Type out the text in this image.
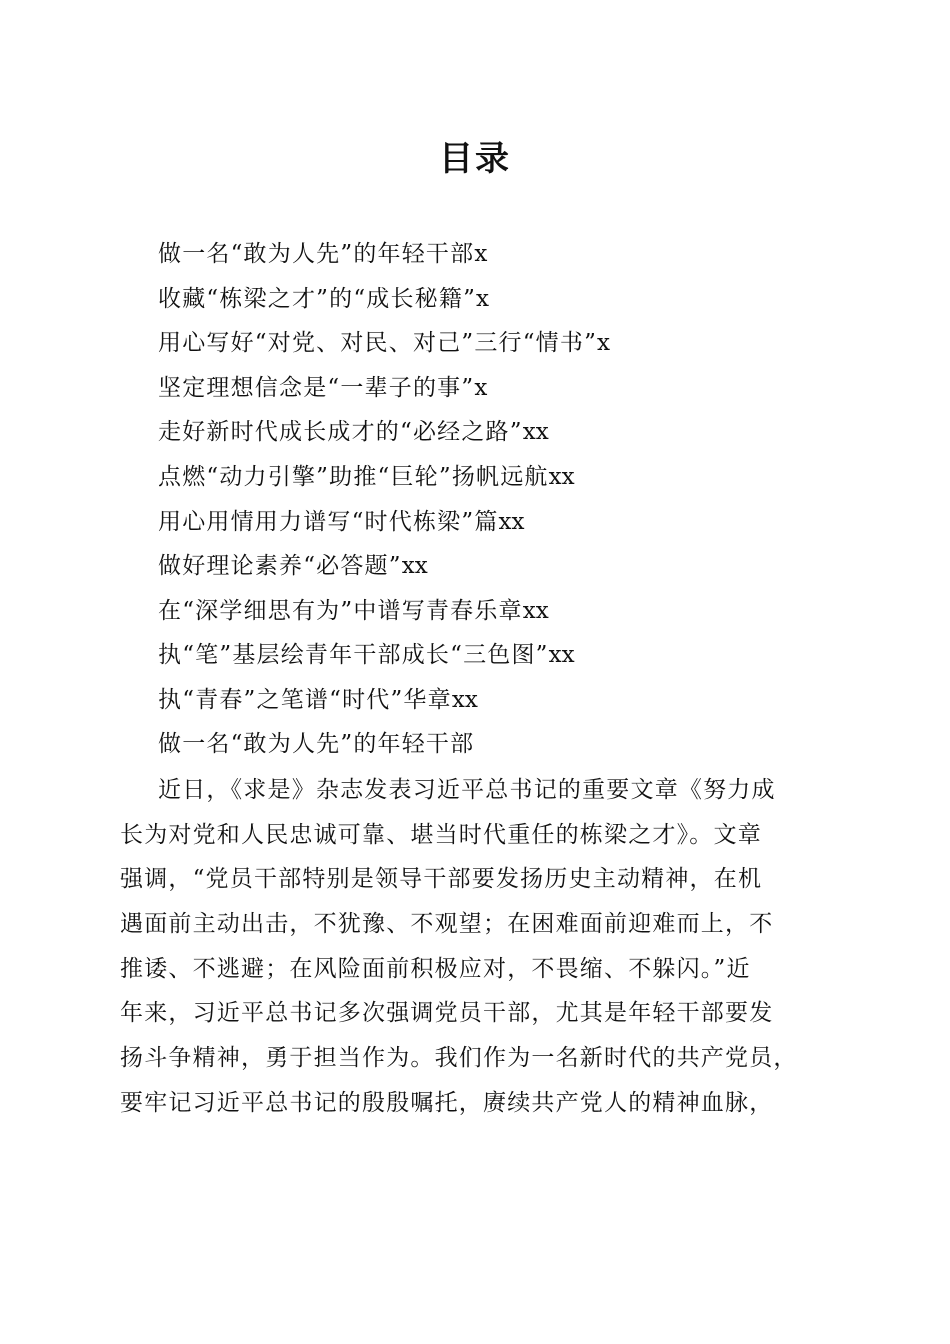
目录
做一名“敢为人先”的年轻干部x
收藏“栋梁之才”的“成长秘籍”x
用心写好“对党、对民、对己”三行“情书”x
坚定理想信念是“一辈子的事”x
走好新时代成长成才的“必经之路”xx
点燃“动力引擎”助推“巨轮”扬帆远航xx
用心用情用力谱写“时代栋梁”篇xx
做好理论素养“必答题”xx
在“深学细思有为”中谱写青春乐章xx
执“笔”基层绘青年干部成长“三色图”xx
执“青春”之笔谱“时代”华章xx
做一名“敢为人先”的年轻干部
近日，《求是》杂志发表习近平总书记的重要文章《努力成
长为对党和人民忠诚可靠、堪当时代重任的栋梁之才》。文章
强调，“党员干部特别是领导干部要发扬历史主动精神，在机
遇面前主动出击，不犹豫、不观望；在困难面前迎难而上，不
推诿、不逃避；在风险面前积极应对，不畏缩、不躲闪。”近
年来，习近平总书记多次强调党员干部，尤其是年轻干部要发
扬斗争精神，勇于担当作为。我们作为一名新时代的共产党员，
要牢记习近平总书记的殷殷嘱托，赓续共产党人的精神血脉，
